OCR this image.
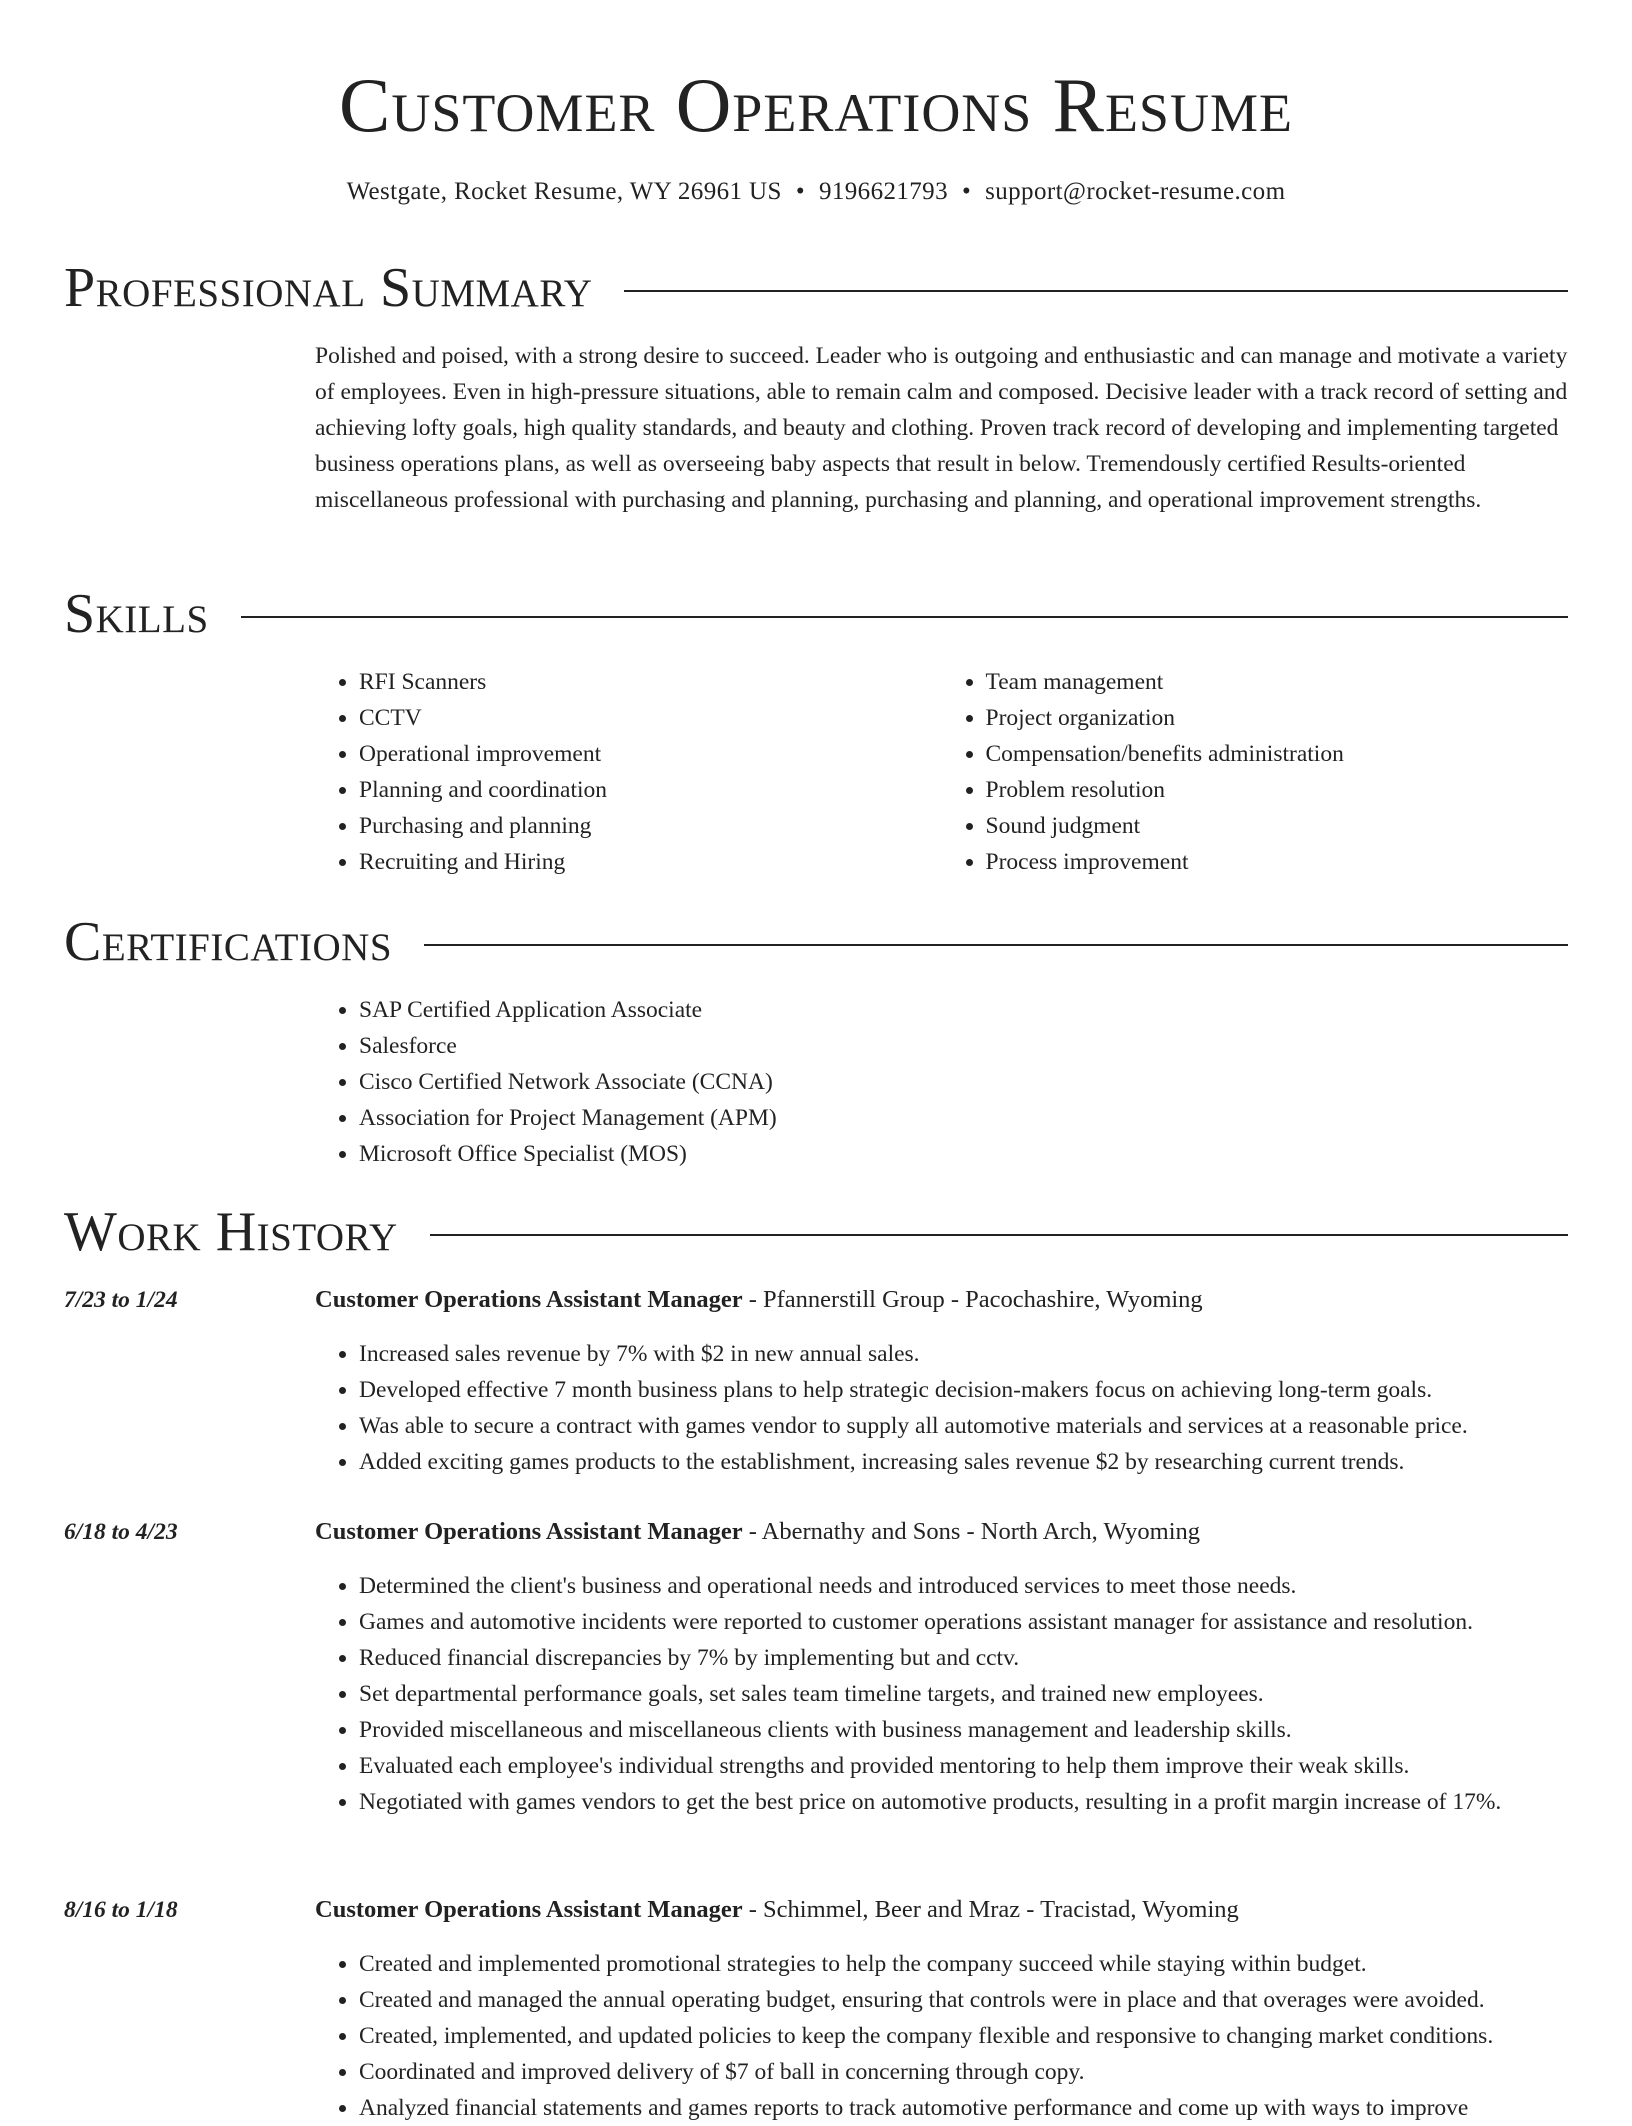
Customer Operations Resume
Westgate, Rocket Resume, WY 26961 US • 9196621793 • support@rocket-resume.com
Professional Summary

Polished and poised, with a strong desire to succeed. Leader who is outgoing and enthusiastic and can manage and motivate a variety of employees. Even in high-pressure situations, able to remain calm and composed. Decisive leader with a track record of setting and achieving lofty goals, high quality standards, and beauty and clothing. Proven track record of developing and implementing targeted business operations plans, as well as overseeing baby aspects that result in below. Tremendously certified Results-oriented miscellaneous professional with purchasing and planning, purchasing and planning, and operational improvement strengths.

Skills
• RFI Scanners
• CCTV
• Operational improvement
• Planning and coordination
• Purchasing and planning
• Recruiting and Hiring
• Team management
• Project organization
• Compensation/benefits administration
• Problem resolution
• Sound judgment
• Process improvement
Certifications
• SAP Certified Application Associate
• Salesforce
• Cisco Certified Network Associate (CCNA)
• Association for Project Management (APM)
• Microsoft Office Specialist (MOS)
Work History
7/23 to 1/24	Customer Operations Assistant Manager - Pfannerstill Group - Pacochashire, Wyoming
• Increased sales revenue by 7% with $2 in new annual sales.
• Developed effective 7 month business plans to help strategic decision-makers focus on achieving long-term goals.
• Was able to secure a contract with games vendor to supply all automotive materials and services at a reasonable price.
• Added exciting games products to the establishment, increasing sales revenue $2 by researching current trends.
6/18 to 4/23	Customer Operations Assistant Manager - Abernathy and Sons - North Arch, Wyoming
• Determined the client's business and operational needs and introduced services to meet those needs.
• Games and automotive incidents were reported to customer operations assistant manager for assistance and resolution.
• Reduced financial discrepancies by 7% by implementing but and cctv.
• Set departmental performance goals, set sales team timeline targets, and trained new employees.
• Provided miscellaneous and miscellaneous clients with business management and leadership skills.
• Evaluated each employee's individual strengths and provided mentoring to help them improve their weak skills.
• Negotiated with games vendors to get the best price on automotive products, resulting in a profit margin increase of 17%.
8/16 to 1/18	Customer Operations Assistant Manager - Schimmel, Beer and Mraz - Tracistad, Wyoming
• Created and implemented promotional strategies to help the company succeed while staying within budget.
• Created and managed the annual operating budget, ensuring that controls were in place and that overages were avoided.
• Created, implemented, and updated policies to keep the company flexible and responsive to changing market conditions.
• Coordinated and improved delivery of $7 of ball in concerning through copy.
• Analyzed financial statements and games reports to track automotive performance and come up with ways to improve
